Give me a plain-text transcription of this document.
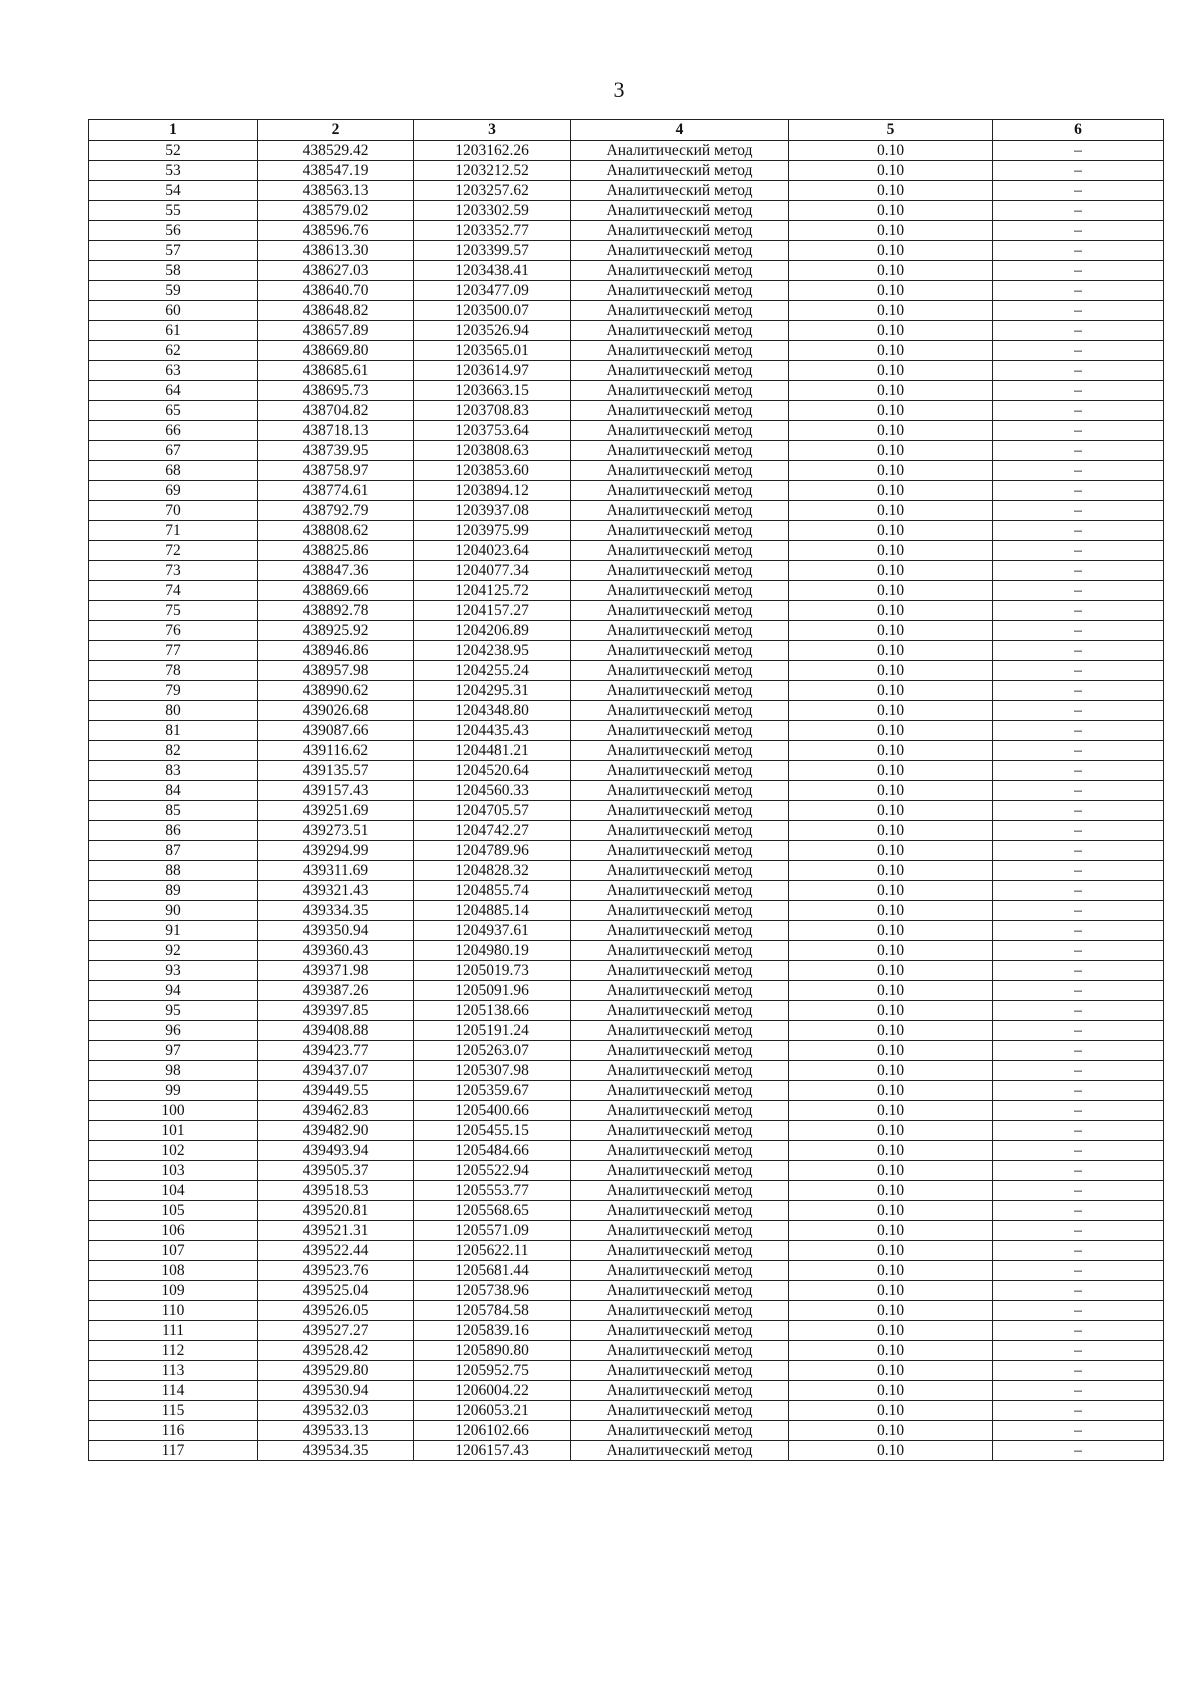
3
1	2	3	4	5	6
52	438529.42	1203162.26	Аналитический метод	0.10	–
53	438547.19	1203212.52	Аналитический метод	0.10	–
54	438563.13	1203257.62	Аналитический метод	0.10	–
55	438579.02	1203302.59	Аналитический метод	0.10	–
56	438596.76	1203352.77	Аналитический метод	0.10	–
57	438613.30	1203399.57	Аналитический метод	0.10	–
58	438627.03	1203438.41	Аналитический метод	0.10	–
59	438640.70	1203477.09	Аналитический метод	0.10	–
60	438648.82	1203500.07	Аналитический метод	0.10	–
61	438657.89	1203526.94	Аналитический метод	0.10	–
62	438669.80	1203565.01	Аналитический метод	0.10	–
63	438685.61	1203614.97	Аналитический метод	0.10	–
64	438695.73	1203663.15	Аналитический метод	0.10	–
65	438704.82	1203708.83	Аналитический метод	0.10	–
66	438718.13	1203753.64	Аналитический метод	0.10	–
67	438739.95	1203808.63	Аналитический метод	0.10	–
68	438758.97	1203853.60	Аналитический метод	0.10	–
69	438774.61	1203894.12	Аналитический метод	0.10	–
70	438792.79	1203937.08	Аналитический метод	0.10	–
71	438808.62	1203975.99	Аналитический метод	0.10	–
72	438825.86	1204023.64	Аналитический метод	0.10	–
73	438847.36	1204077.34	Аналитический метод	0.10	–
74	438869.66	1204125.72	Аналитический метод	0.10	–
75	438892.78	1204157.27	Аналитический метод	0.10	–
76	438925.92	1204206.89	Аналитический метод	0.10	–
77	438946.86	1204238.95	Аналитический метод	0.10	–
78	438957.98	1204255.24	Аналитический метод	0.10	–
79	438990.62	1204295.31	Аналитический метод	0.10	–
80	439026.68	1204348.80	Аналитический метод	0.10	–
81	439087.66	1204435.43	Аналитический метод	0.10	–
82	439116.62	1204481.21	Аналитический метод	0.10	–
83	439135.57	1204520.64	Аналитический метод	0.10	–
84	439157.43	1204560.33	Аналитический метод	0.10	–
85	439251.69	1204705.57	Аналитический метод	0.10	–
86	439273.51	1204742.27	Аналитический метод	0.10	–
87	439294.99	1204789.96	Аналитический метод	0.10	–
88	439311.69	1204828.32	Аналитический метод	0.10	–
89	439321.43	1204855.74	Аналитический метод	0.10	–
90	439334.35	1204885.14	Аналитический метод	0.10	–
91	439350.94	1204937.61	Аналитический метод	0.10	–
92	439360.43	1204980.19	Аналитический метод	0.10	–
93	439371.98	1205019.73	Аналитический метод	0.10	–
94	439387.26	1205091.96	Аналитический метод	0.10	–
95	439397.85	1205138.66	Аналитический метод	0.10	–
96	439408.88	1205191.24	Аналитический метод	0.10	–
97	439423.77	1205263.07	Аналитический метод	0.10	–
98	439437.07	1205307.98	Аналитический метод	0.10	–
99	439449.55	1205359.67	Аналитический метод	0.10	–
100	439462.83	1205400.66	Аналитический метод	0.10	–
101	439482.90	1205455.15	Аналитический метод	0.10	–
102	439493.94	1205484.66	Аналитический метод	0.10	–
103	439505.37	1205522.94	Аналитический метод	0.10	–
104	439518.53	1205553.77	Аналитический метод	0.10	–
105	439520.81	1205568.65	Аналитический метод	0.10	–
106	439521.31	1205571.09	Аналитический метод	0.10	–
107	439522.44	1205622.11	Аналитический метод	0.10	–
108	439523.76	1205681.44	Аналитический метод	0.10	–
109	439525.04	1205738.96	Аналитический метод	0.10	–
110	439526.05	1205784.58	Аналитический метод	0.10	–
111	439527.27	1205839.16	Аналитический метод	0.10	–
112	439528.42	1205890.80	Аналитический метод	0.10	–
113	439529.80	1205952.75	Аналитический метод	0.10	–
114	439530.94	1206004.22	Аналитический метод	0.10	–
115	439532.03	1206053.21	Аналитический метод	0.10	–
116	439533.13	1206102.66	Аналитический метод	0.10	–
117	439534.35	1206157.43	Аналитический метод	0.10	–
